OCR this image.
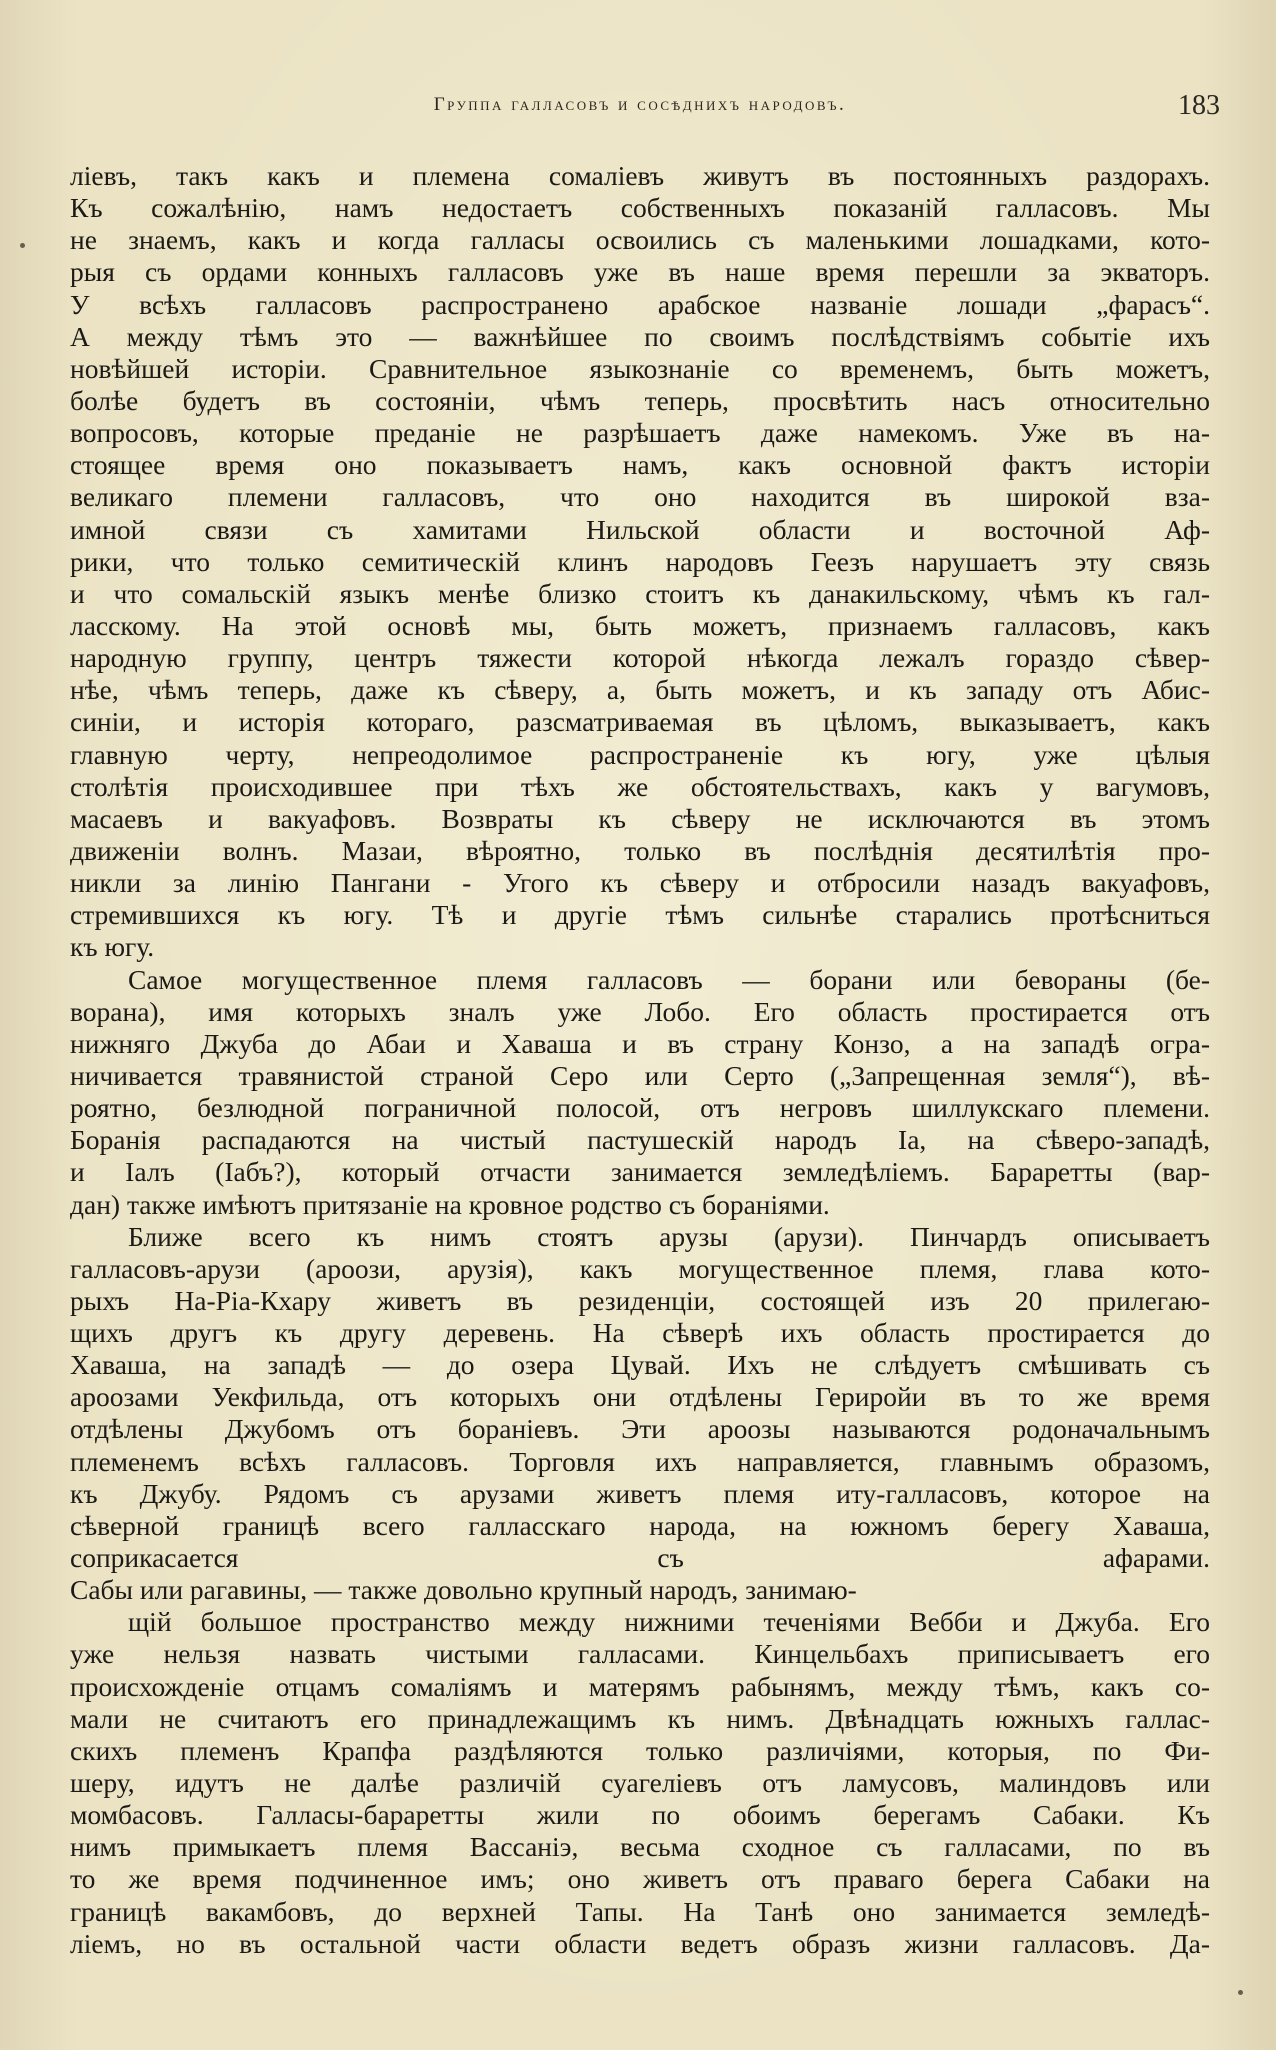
Группа галласовъ и сосѣднихъ народовъ.	183
ліевъ, такъ какъ и племена сомаліевъ живутъ въ постоянныхъ раздорахъ.
Къ сожалѣнію, намъ недостаетъ собственныхъ показаній галласовъ. Мы
не знаемъ, какъ и когда галласы освоились съ маленькими лошадками, кото-
рыя съ ордами конныхъ галласовъ уже въ наше время перешли за экваторъ.
У всѣхъ галласовъ распространено арабское названіе лошади „фарасъ“.
А между тѣмъ это — важнѣйшее по своимъ послѣдствіямъ событіе ихъ
новѣйшей исторіи. Сравнительное языкознаніе со временемъ, быть можетъ,
болѣе будетъ въ состояніи, чѣмъ теперь, просвѣтить насъ относительно
вопросовъ, которые преданіе не разрѣшаетъ даже намекомъ. Уже въ на-
стоящее время оно показываетъ намъ, какъ основной фактъ исторіи
великаго племени галласовъ, что оно находится въ широкой вза-
имной связи съ хамитами Нильской области и восточной Аф-
рики, что только семитическій клинъ народовъ Геезъ нарушаетъ эту связь
и что сомальскій языкъ менѣе близко стоитъ къ данакильскому, чѣмъ къ гал-
ласскому. На этой основѣ мы, быть можетъ, признаемъ галласовъ, какъ
народную группу, центръ тяжести которой нѣкогда лежалъ гораздо сѣвер-
нѣе, чѣмъ теперь, даже къ сѣверу, а, быть можетъ, и къ западу отъ Абис-
синіи, и исторія котораго, разсматриваемая въ цѣломъ, выказываетъ, какъ
главную черту, непреодолимое распространеніе къ югу, уже цѣлыя
столѣтія происходившее при тѣхъ же обстоятельствахъ, какъ у вагумовъ,
масаевъ и вакуафовъ. Возвраты къ сѣверу не исключаются въ этомъ
движеніи волнъ. Мазаи, вѣроятно, только въ послѣднія десятилѣтія про-
никли за линію Пангани - Угого къ сѣверу и отбросили назадъ вакуафовъ,
стремившихся къ югу. Тѣ и другіе тѣмъ сильнѣе старались протѣсниться
къ югу.
Самое могущественное племя галласовъ — борани или бевораны (бе-
ворана), имя которыхъ зналъ уже Лобо. Его область простирается отъ
нижняго Джуба до Абаи и Хаваша и въ страну Конзо, а на западѣ огра-
ничивается травянистой страной Серо или Серто („Запрещенная земля“), вѣ-
роятно, безлюдной пограничной полосой, отъ негровъ шиллукскаго племени.
Боранія распадаются на чистый пастушескій народъ Іа, на сѣверо-западѣ,
и Іалъ (Іабъ?), который отчасти занимается земледѣліемъ. Бараретты (вар-
дан) также имѣютъ притязаніе на кровное родство съ бораніями.
Ближе всего къ нимъ стоятъ арузы (арузи). Пинчардъ описываетъ
галласовъ-арузи (ароози, арузія), какъ могущественное племя, глава кото-
рыхъ На-Ріа-Кхару живетъ въ резиденціи, состоящей изъ 20 прилегаю-
щихъ другъ къ другу деревень. На сѣверѣ ихъ область простирается до
Хаваша, на западѣ — до озера Цувай. Ихъ не слѣдуетъ смѣшивать съ
ароозами Уекфильда, отъ которыхъ они отдѣлены Гериройи въ то же время
отдѣлены Джубомъ отъ бораніевъ. Эти ароозы называются родоначальнымъ
племенемъ всѣхъ галласовъ. Торговля ихъ направляется, главнымъ образомъ,
къ Джубу. Рядомъ съ арузами живетъ племя иту-галласовъ, которое на
сѣверной границѣ всего галласскаго народа, на южномъ берегу Хаваша,
соприкасается съ афарами.
Сабы или рагавины, — также довольно крупный народъ, занимаю-
щій большое пространство между нижними теченіями Вебби и Джуба. Его
уже нельзя назвать чистыми галласами. Кинцельбахъ приписываетъ его
происхожденіе отцамъ сомаліямъ и матерямъ рабынямъ, между тѣмъ, какъ со-
мали не считаютъ его принадлежащимъ къ нимъ. Двѣнадцать южныхъ галлас-
скихъ племенъ Крапфа раздѣляются только различіями, которыя, по Фи-
шеру, идутъ не далѣе различій суагеліевъ отъ ламусовъ, малиндовъ или
момбасовъ. Галласы-бараретты жили по обоимъ берегамъ Сабаки. Къ
нимъ примыкаетъ племя Вассаніэ, весьма сходное съ галласами, по въ
то же время подчиненное имъ; оно живетъ отъ праваго берега Сабаки на
границѣ вакамбовъ, до верхней Тапы. На Танѣ оно занимается земледѣ-
ліемъ, но въ остальной части области ведетъ образъ жизни галласовъ. Да-
